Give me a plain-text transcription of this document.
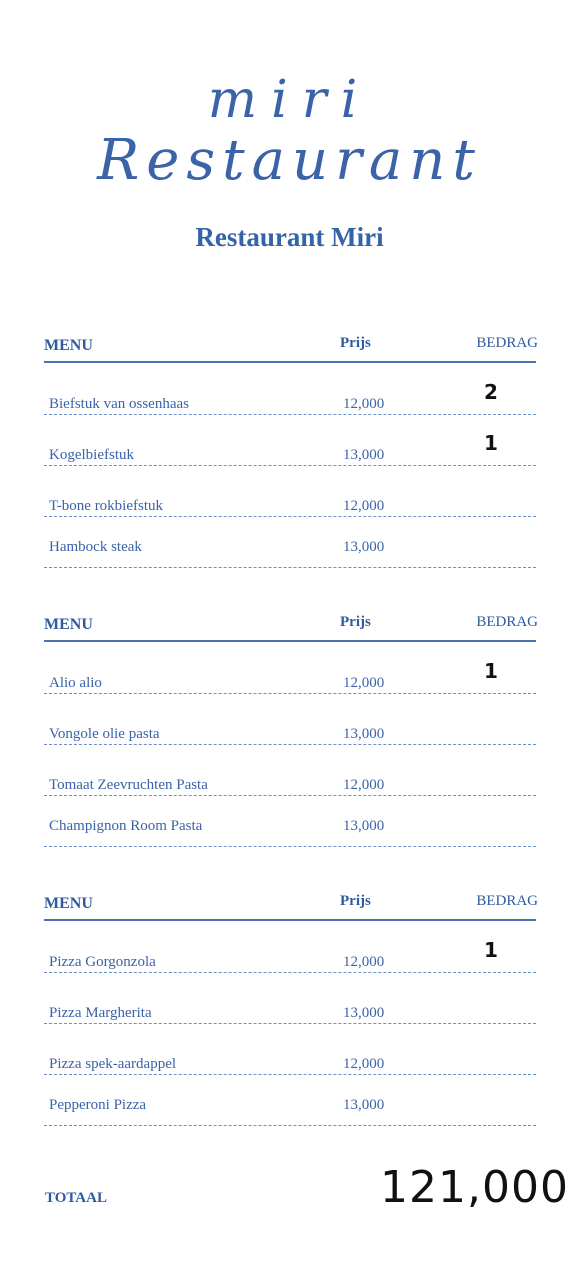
miri
Restaurant
Restaurant Miri
MENU	Prijs	BEDRAG
Biefstuk van ossenhaas	12,000	2
Kogelbiefstuk	13,000	1
T-bone rokbiefstuk	12,000
Hambock steak	13,000
MENU	Prijs	BEDRAG
Alio alio	12,000	1
Vongole olie pasta	13,000
Tomaat Zeevruchten Pasta	12,000
Champignon Room Pasta	13,000
MENU	Prijs	BEDRAG
Pizza Gorgonzola	12,000	1
Pizza Margherita	13,000
Pizza spek-aardappel	12,000
Pepperoni Pizza	13,000
TOTAAL	121,000
